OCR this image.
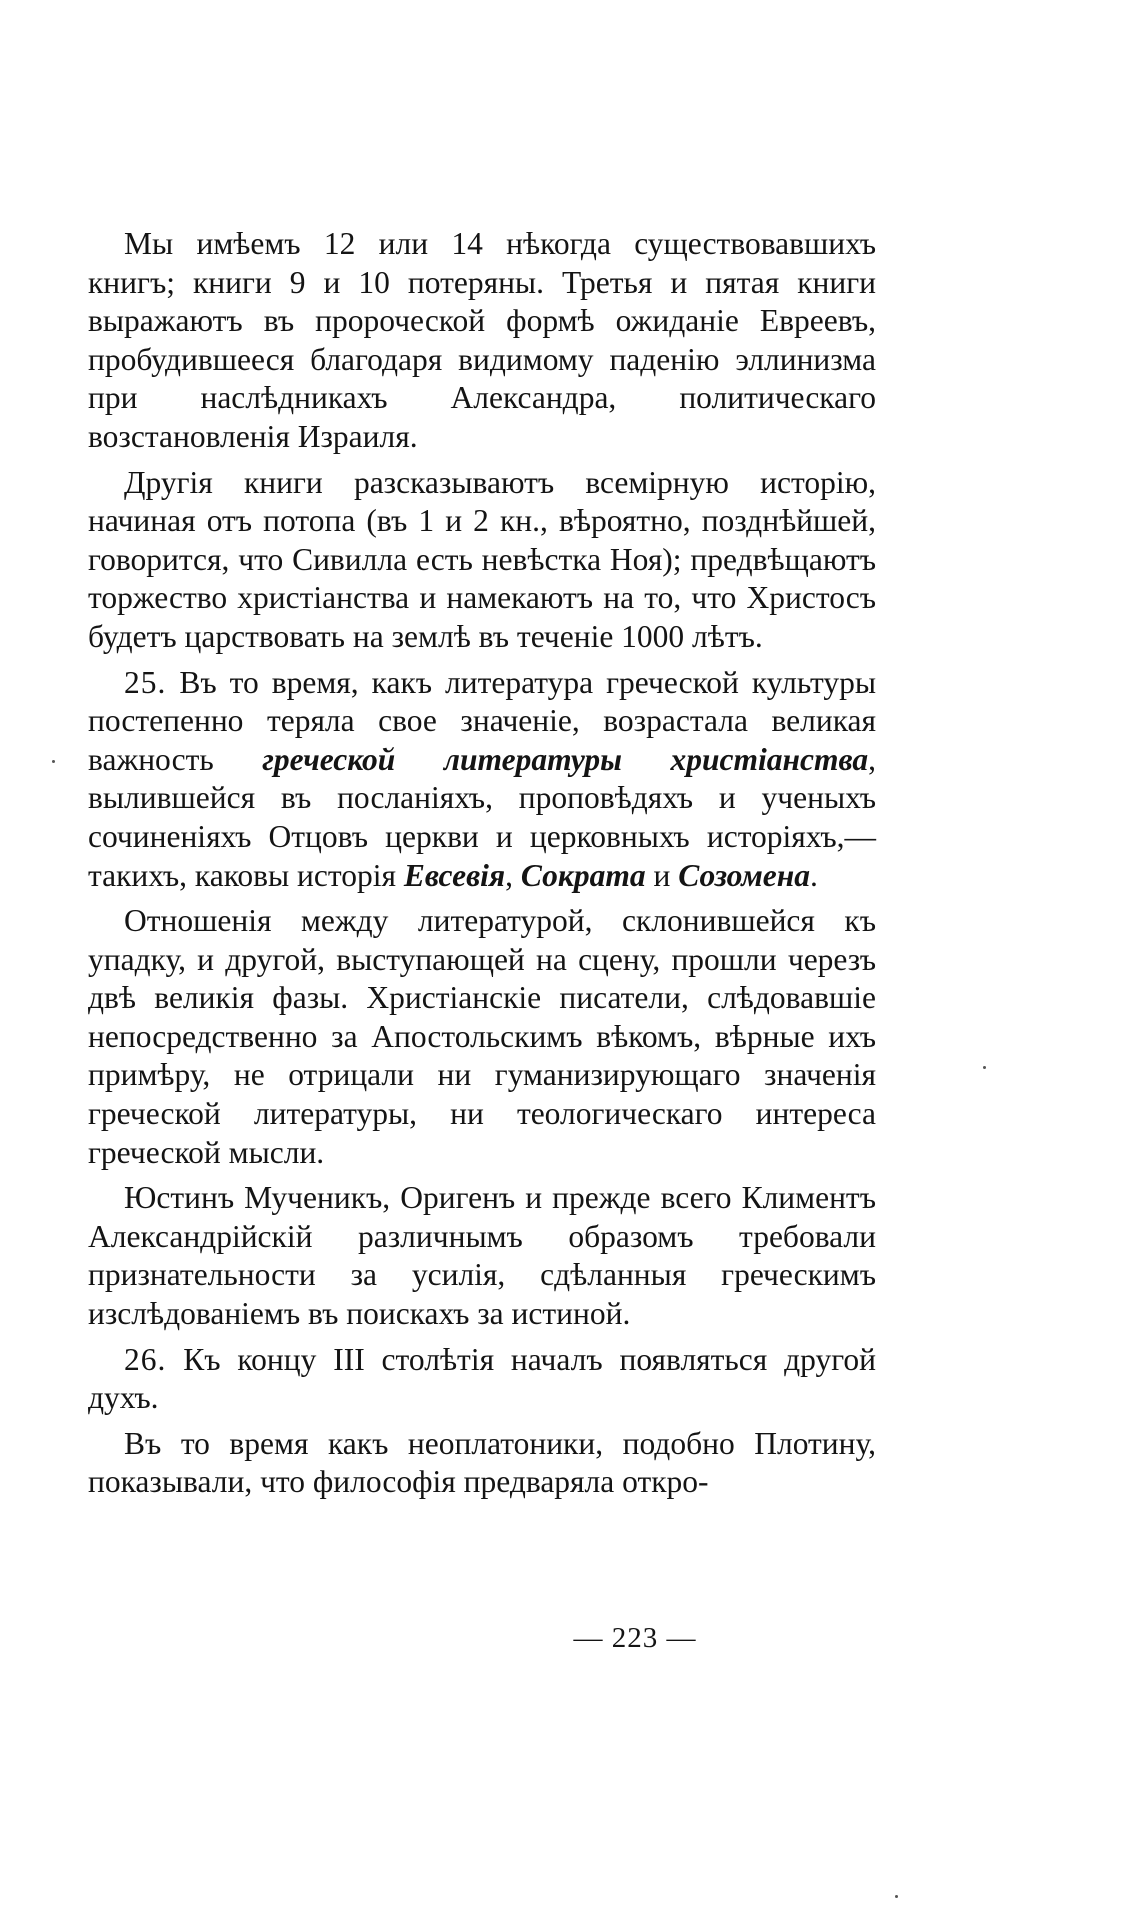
Мы имѣемъ 12 или 14 нѣкогда существовавшихъ книгъ; книги 9 и 10 потеряны. Третья и пятая книги выражаютъ въ пророческой формѣ ожиданіе Евреевъ, пробудившееся благодаря видимому паденію эллинизма при наслѣдникахъ Александра, политическаго возстановленія Израиля.

Другія книги разсказываютъ всемірную исторію, начиная отъ потопа (въ 1 и 2 кн., вѣроятно, позднѣйшей, говорится, что Сивилла есть невѣстка Ноя); предвѣщаютъ торжество христіанства и намекаютъ на то, что Христосъ будетъ царствовать на землѣ въ теченіе 1000 лѣтъ.

25. Въ то время, какъ литература греческой культуры постепенно теряла свое значеніе, возрастала великая важность греческой литературы христіанства, вылившейся въ посланіяхъ, проповѣдяхъ и ученыхъ сочиненіяхъ Отцовъ церкви и церковныхъ исторіяхъ,—такихъ, каковы исторія Евсевія, Сократа и Созомена.

Отношенія между литературой, склонившейся къ упадку, и другой, выступающей на сцену, прошли черезъ двѣ великія фазы. Христіанскіе писатели, слѣдовавшіе непосредственно за Апостольскимъ вѣкомъ, вѣрные ихъ примѣру, не отрицали ни гуманизирующаго значенія греческой литературы, ни теологическаго интереса греческой мысли.

Юстинъ Мученикъ, Оригенъ и прежде всего Климентъ Александрійскій различнымъ образомъ требовали признательности за усилія, сдѣланныя греческимъ изслѣдованіемъ въ поискахъ за истиной.

26. Къ концу III столѣтія началъ появляться другой духъ.

Въ то время какъ неоплатоники, подобно Плотину, показывали, что философія предваряла откро-

— 223 —
